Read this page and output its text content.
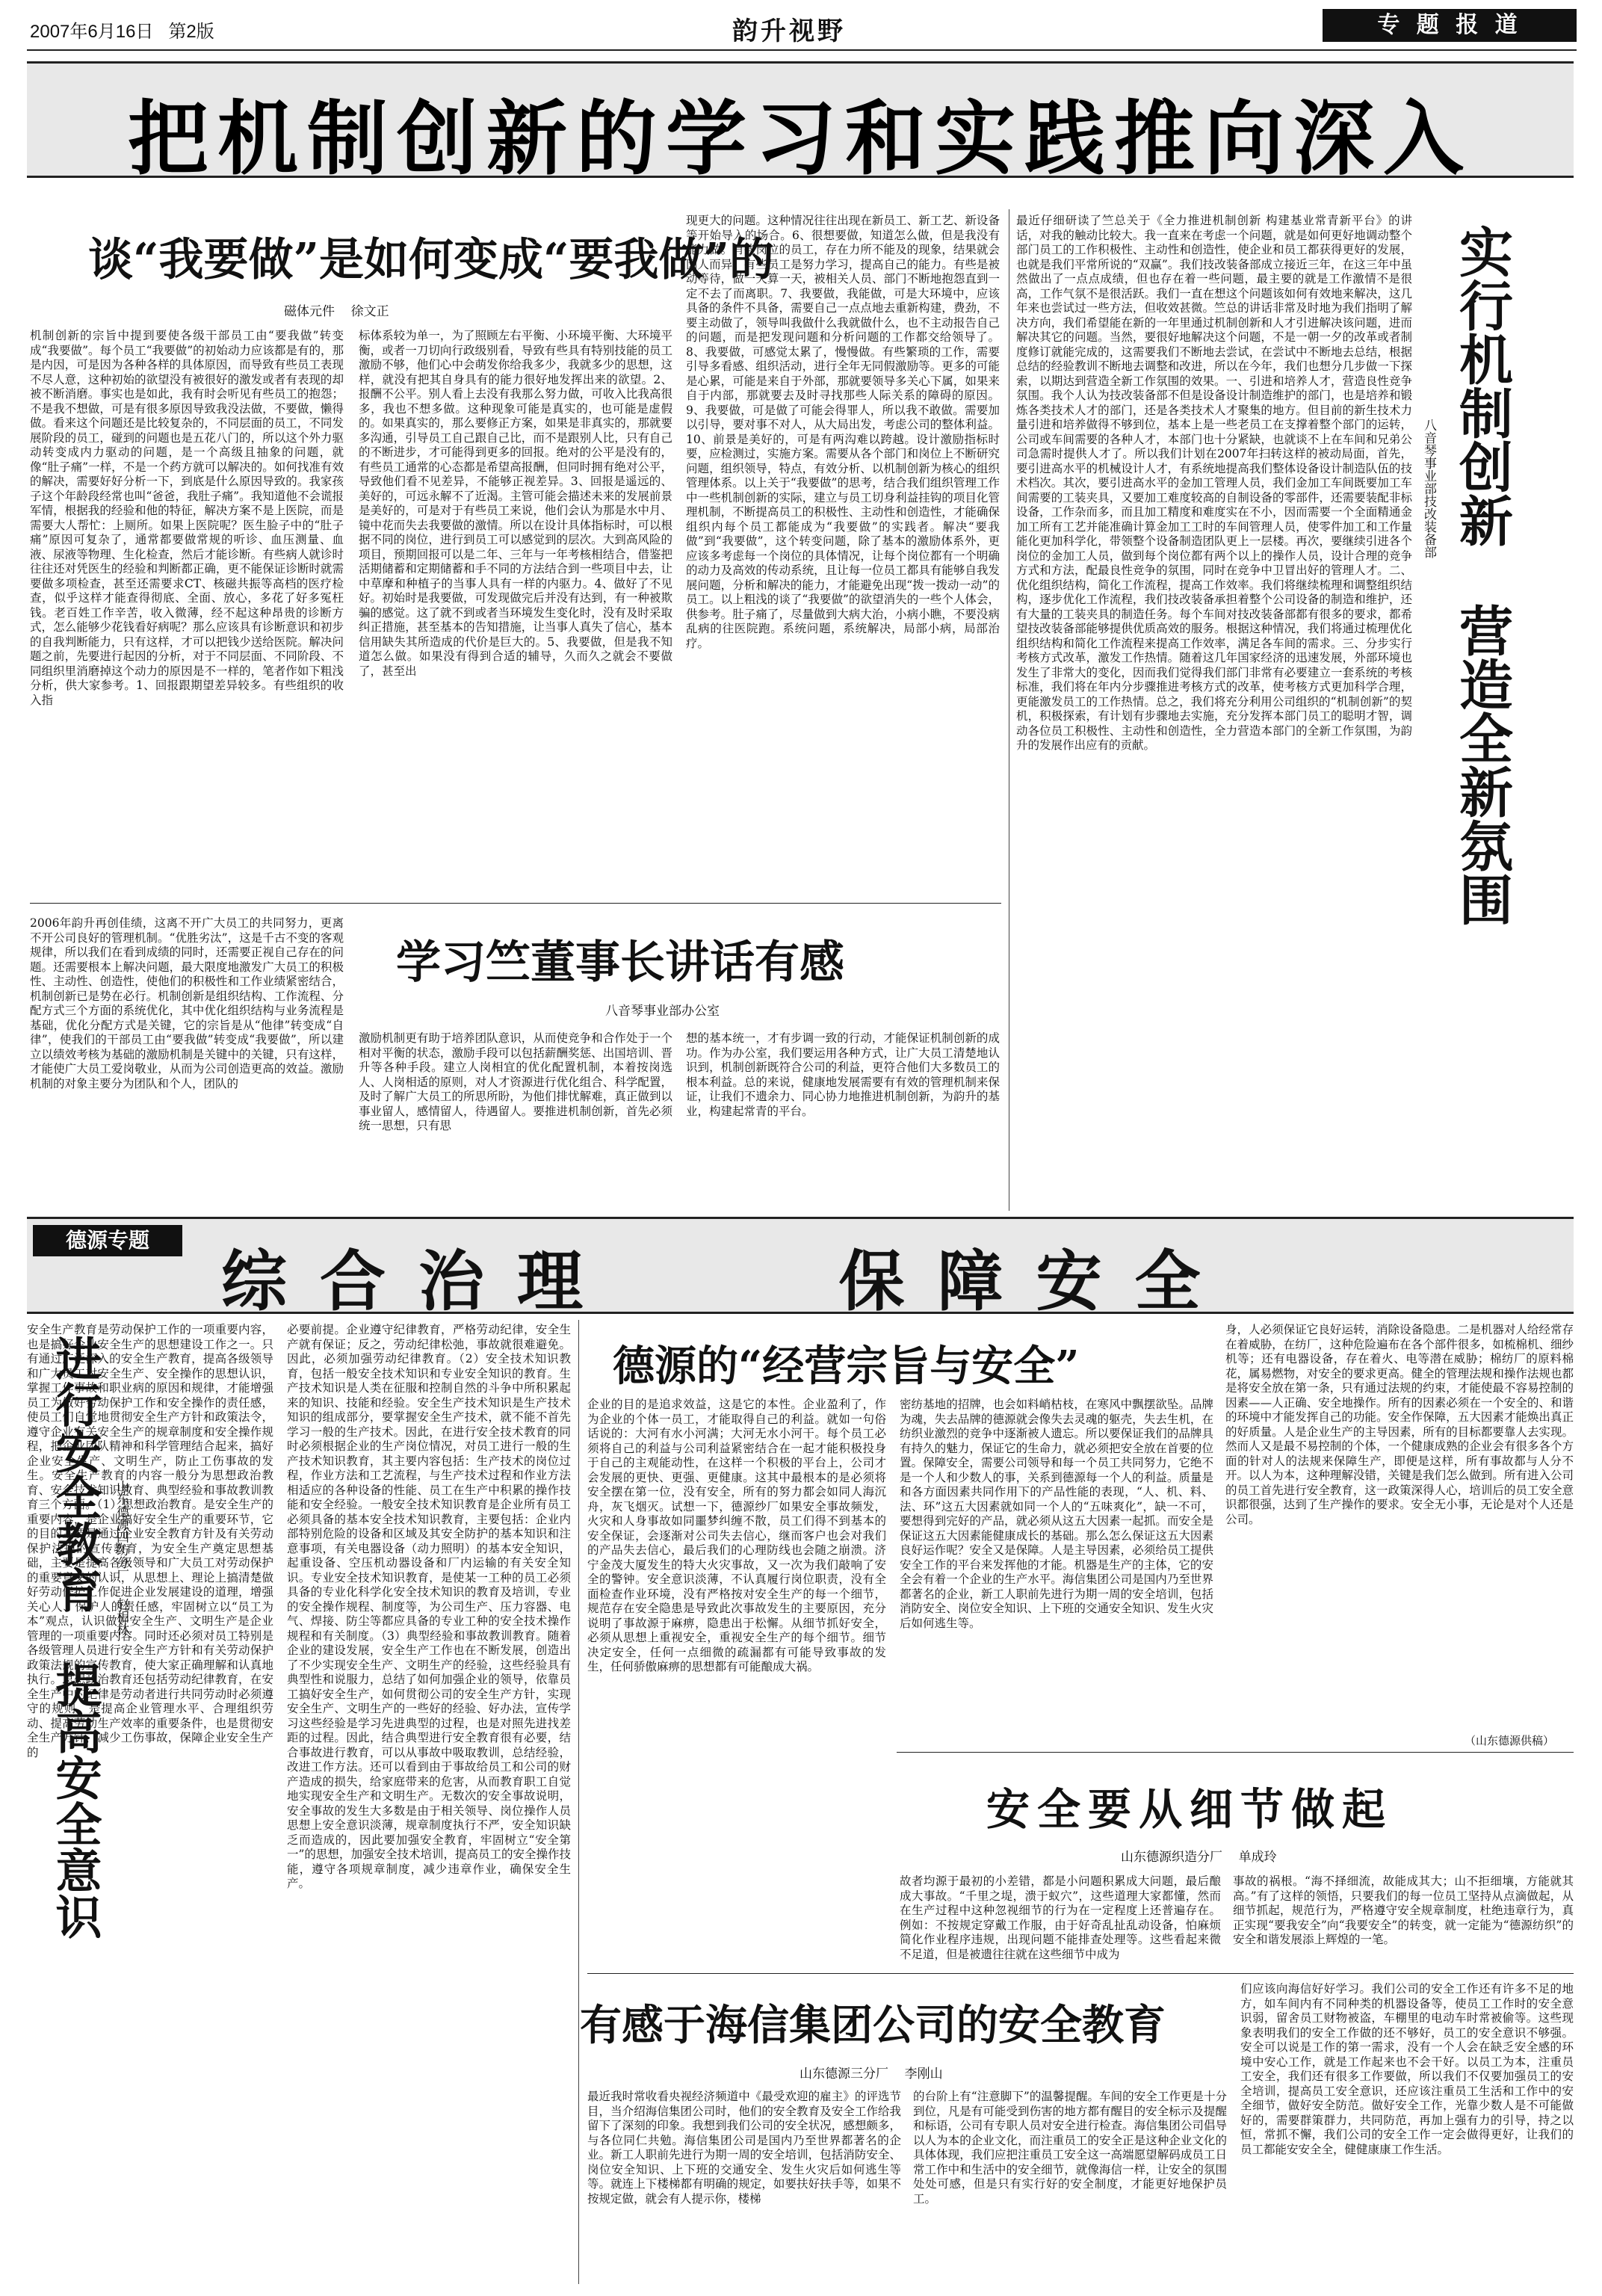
2007年6月16日   第2版	韵升视野	专 题 报 道
把机制创新的学习和实践推向深入
谈“我要做”是如何变成“要我做”的
磁体元件    徐文正
机制创新的宗旨中提到要使各级干部员工由“要我做”转变成“我要做”。每个员工“我要做”的初始动力应该都是有的，那是内因，可是因为各种各样的具体原因，而导致有些员工表现不尽人意，这种初始的欲望没有被很好的激发或者有表现的却被不断消磨。事实也是如此，我有时会听见有些员工的抱怨；不是我不想做，可是有很多原因导致我没法做，不要做，懒得做。看来这个问题还是比较复杂的，不同层面的员工，不同发展阶段的员工，碰到的问题也是五花八门的，所以这个外力驱动转变成内力驱动的问题，是一个高级且抽象的问题，就像“肚子痛”一样，不是一个药方就可以解决的。如何找准有效的解决，需要好好分析一下，到底是什么原因导致的。我家孩子这个年龄段经常也叫“爸爸，我肚子痛”。我知道他不会谎报军情，根据我的经验和他的特征，解决方案不是上医院，而是需要大人帮忙：上厕所。如果上医院呢？医生脸子中的“肚子痛”原因可复杂了，通常都要做常规的听诊、血压测量、血液、尿液等物理、生化检查，然后才能诊断。有些病人就诊时往往还对凭医生的经验和判断都正确，更不能保证诊断时就需要做多项检查，甚至还需要求CT、核磁共振等高档的医疗检查，似乎这样才能查得彻底、全面、放心，多花了好多冤枉钱。老百姓工作辛苦，收入微薄，经不起这种昂贵的诊断方式，怎么能够少花钱看好病呢？那么应该具有诊断意识和初步的自我判断能力，只有这样，才可以把钱少送给医院。解决问题之前，先要进行起因的分析，对于不同层面、不同阶段、不同组织里消磨掉这个动力的原因是不一样的，笔者作如下粗浅分析，供大家参考。1、回报跟期望差异较多。有些组织的收入指
标体系较为单一，为了照顾左右平衡、小环境平衡、大环境平衡，或者一刀切向行政级别看，导致有些具有特别技能的员工激励不够，他们心中会萌发你给我多少，我就多少的思想，这样，就没有把其自身具有的能力很好地发挥出来的欲望。2、报酬不公平。别人看上去没有我那么努力做，可收入比我高很多，我也不想多做。这种现象可能是真实的，也可能是虚假的。如果真实的，那么要修正方案，如果是非真实的，那就要多沟通，引导员工自己跟自己比，而不是跟别人比，只有自己的不断进步，才可能得到更多的回报。绝对的公平是没有的，有些员工通常的心态都是希望高报酬，但同时拥有绝对公平，导致他们看不见差异，不能够正视差异。3、回报是遥远的、美好的，可远永解不了近渴。主管可能会描述未来的发展前景是美好的，可是对于有些员工来说，他们会认为那是水中月、镜中花而失去我要做的激情。所以在设计具体指标时，可以根据不同的岗位，进行到员工可以感觉到的层次。大到高风险的项目，预期回报可以是二年、三年与一年考核相结合，借鉴把活期储蓄和定期储蓄和手不同的方法结合到一些项目中去，让中草摩和种植子的当事人具有一样的内驱力。4、做好了不见好。初始时是我要做，可发现做完后并没有达到，有一种被欺骗的感觉。这了就不到或者当环境发生变化时，没有及时采取纠正措施，甚至基本的告知措施，让当事人真失了信心，基本信用缺失其所造成的代价是巨大的。5、我要做，但是我不知道怎么做。如果没有得到合适的辅导，久而久之就会不要做了，甚至出
现更大的问题。这种情况往往出现在新员工、新工艺、新设备等开始导入的场合。6、很想要做，知道怎么做，但是我没有能力做。有些岗位的员工，存在力所不能及的现象，结果就会因人而异，有些员工是努力学习，提高自己的能力。有些是被动等待，做一天算一天，被相关人员、部门不断地抱怨直到一定不去了而离职。7、我要做，我能做，可是大环境中，应该具备的条件不具备，需要自己一点点地去重新构建，费劲，不要主动做了，领导叫我做什么我就做什么，也不主动报告自己的问题，而是把发现问题和分析问题的工作都交给领导了。8、我要做，可感觉太累了，慢慢做。有些繁琐的工作，需要引导多看感、组织活动，进行全年无同假激励等。更多的可能是心累，可能是来自于外部，那就要领导多关心下属，如果来自于内部，那就要去及时寻找那些人际关系的障碍的原因。9、我要做，可是做了可能会得罪人，所以我不敢做。需要加以引导，要对事不对人，从大局出发，考虑公司的整体利益。10、前景是美好的，可是有两沟难以跨越。设计激励指标时要，应检测过，实施方案。需要从各个部门和岗位上不断研究问题，组织领导，特点，有效分析、以机制创新为核心的组织管理体系。以上关于“我要做”的思考，结合我们组织管理工作中一些机制创新的实际，建立与员工切身利益挂钩的项目化管理机制，不断提高员工的积极性、主动性和创造性，才能确保组织内每个员工都能成为“我要做”的实践者。解决“要我做”到“我要做”，这个转变问题，除了基本的激励体系外，更应该多考虑每一个岗位的具体情况，让每个岗位都有一个明确的动力及高效的传动系统，且让每一位员工都具有能够自我发展问题，分析和解决的能力，才能避免出现“拨一拨动一动”的员工。以上粗浅的谈了“我要做”的欲望消失的一些个人体会，供参考。肚子痛了，尽量做到大病大治，小病小瞧，不要没病乱病的往医院跑。系统问题，系统解决，局部小病，局部治疗。	实行机制创新   营造全新氛围
八音琴事业部技改装备部
最近仔细研读了竺总关于《全力推进机制创新 构建基业常青新平台》的讲话，对我的触动比较大。我一直来在考虑一个问题，就是如何更好地调动整个部门员工的工作积极性、主动性和创造性，使企业和员工都获得更好的发展，也就是我们平常所说的“双赢”。我们技改装备部成立接近三年，在这三年中虽然做出了一点点成绩，但也存在着一些问题，最主要的就是工作激情不是很高，工作气氛不是很活跃。我们一直在想这个问题该如何有效地来解决，这几年来也尝试过一些方法，但收效甚微。竺总的讲话非常及时地为我们指明了解决方向，我们希望能在新的一年里通过机制创新和人才引进解决该问题，进而解决其它的问题。当然，要很好地解决这个问题，不是一朝一夕的改革或者制度修订就能完成的，这需要我们不断地去尝试，在尝试中不断地去总结，根据总结的经验教训不断地去调整和改进，所以在今年，我们也想分几步做一下探索，以期达到营造全新工作氛围的效果。一、引进和培养人才，营造良性竞争氛围。我个人认为技改装备部不但是设备设计制造维护的部门，也是培养和锻炼各类技术人才的部门，还是各类技术人才聚集的地方。但目前的新生技术力量引进和培养做得不够到位，基本上是一些老员工在支撑着整个部门的运转，公司或车间需要的各种人才，本部门也十分紧缺，也就谈不上在车间和兄弟公司急需时提供人才了。所以我们计划在2007年扫转这样的被动局面，首先，要引进高水平的机械设计人才，有系统地提高我们整体设备设计制造队伍的技术档次。其次，要引进高水平的金加工管理人员，我们金加工车间既要加工车间需要的工装夹具，又要加工难度较高的自制设备的零部件，还需要装配非标设备，工作杂而多，而且加工精度和难度实在不小，因而需要一个全面精通金加工所有工艺并能准确计算金加工工时的车间管理人员，使零件加工和工作量能化更加科学化，带领整个设备制造团队更上一层楼。再次，要继续引进各个岗位的金加工人员，做到每个岗位都有两个以上的操作人员，设计合理的竞争方式和方法，配最良性竞争的氛围，同时在竞争中卫冒出好的管理人才。二、优化组织结构，简化工作流程，提高工作效率。我们将继续梳理和调整组织结构，逐步优化工作流程，我们技改装备承担着整个公司设备的制造和维护，还有大量的工装夹具的制造任务。每个车间对技改装备部都有很多的要求，都希望技改装备部能够提供优质高效的服务。根据这种情况，我们将通过梳理优化组织结构和简化工作流程来提高工作效率，满足各车间的需求。三、分步实行考核方式改革，激发工作热情。随着这几年国家经济的迅速发展，外部环境也发生了非常大的变化，因而我们觉得我们部门非常有必要建立一套系统的考核标准，我们将在年内分步骤推进考核方式的改革，使考核方式更加科学合理，更能激发员工的工作热情。总之，我们将充分利用公司组织的“机制创新”的契机，积极探索，有计划有步骤地去实施，充分发挥本部门员工的聪明才智，调动各位员工积极性、主动性和创造性，全力营造本部门的全新工作氛围，为韵升的发展作出应有的贡献。
学习竺董事长讲话有感
八音琴事业部办公室
2006年韵升再创佳绩，这离不开广大员工的共同努力，更离不开公司良好的管理机制。“优胜劣汰”，这是千古不变的客观规律，所以我们在看到成绩的同时，还需要正视自己存在的问题。还需要根本上解决问题，最大限度地激发广大员工的积极性、主动性、创造性，使他们的积极性和工作业绩紧密结合，机制创新已是势在必行。机制创新是组织结构、工作流程、分配方式三个方面的系统优化，其中优化组织结构与业务流程是基础，优化分配方式是关键，它的宗旨是从“他律”转变成“自律”，使我们的干部员工由“要我做”转变成“我要做”，所以建立以绩效考核为基础的激励机制是关键中的关键，只有这样，才能使广大员工爱岗敬业，从而为公司创造更高的效益。激励机制的对象主要分为团队和个人，团队的
激励机制更有助于培养团队意识，从而使竞争和合作处于一个相对平衡的状态，激励手段可以包括薪酬奖惩、出国培训、晋升等各种手段。建立人岗相宜的优化配置机制，本着按岗选人、人岗相适的原则，对人才资源进行优化组合、科学配置，及时了解广大员工的所思所盼，为他们排忧解难，真正做到以事业留人，感情留人，待遇留人。要推进机制创新，首先必须统一思想，只有思
想的基本统一，才有步调一致的行动，才能保证机制创新的成功。作为办公室，我们要运用各种方式，让广大员工清楚地认识到，机制创新既符合公司的利益，更符合他们大多数员工的根本利益。总的来说，健康地发展需要有有效的管理机制来保证，让我们不遗余力、同心协力地推进机制创新，为韵升的基业，构建起常青的平台。
德源专题
综合治理    保障安全
进行安全教育   提高安全意识 山东德源四纺分厂    赵相林
安全生产教育是劳动保护工作的一项重要内容，也是搞好企业安全生产的思想建设工作之一。只有通过广泛深入的安全生产教育，提高各级领导和广大员工对安全生产、安全操作的思想认识，掌握工作事故和职业病的原因和规律，才能增强员工为做好劳动保护工作和安全操作的责任感，使员工们自觉地贯彻安全生产方针和政策法令，遵守企业有关安全生产的规章制度和安全操作规程，把企业团队精神和科学管理结合起来，搞好企业安全生产、文明生产，防止工伤事故的发生。安全生产教育的内容一般分为思想政治教育、安全技术知识教育、典型经验和事故教训教育三个方面。（1）思想政治教育。是安全生产的重要内容，是企业搞好安全生产的重要环节，它的目的主要是通过企业安全教育方针及有关劳动保护法规的宣传教育，为安全生产奠定思想基础，主要是提高各级领导和广大员工对劳动保护的重要意义的认识，从思想上、理论上搞清楚做好劳动保护工作促进企业发展建设的道理，增强关心人、保护人的责任感，牢固树立以“员工为本”观点，认识做好安全生产、文明生产是企业管理的一项重要内容。同时还必须对员工特别是各级管理人员进行安全生产方针和有关劳动保护政策法规的宣传教育，使大家正确理解和认真地执行。思想政治教育还包括劳动纪律教育，在安全生产中的纪律是劳动者进行共同劳动时必须遵守的规则，是提高企业管理水平、合理组织劳动、提高劳动生产效率的重要条件，也是贯彻安全生产方针，减少工伤事故，保障企业安全生产的
必要前提。企业遵守纪律教育，严格劳动纪律，安全生产就有保证；反之，劳动纪律松弛，事故就很难避免。因此，必须加强劳动纪律教育。（2）安全技术知识教育，包括一般安全技术知识和专业安全知识的教育。生产技术知识是人类在征服和控制自然的斗争中所积累起来的知识、技能和经验。安全生产技术知识是生产技术知识的组成部分，要掌握安全生产技术，就不能不首先学习一般的生产技术。因此，在进行安全技术教育的同时必须根据企业的生产岗位情况，对员工进行一般的生产技术知识教育，其主要内容包括：生产技术的岗位过程，作业方法和工艺流程，与生产技术过程和作业方法相适应的各种设备的性能、员工在生产中积累的操作技能和安全经验。一般安全技术知识教育是企业所有员工必须具备的基本安全技术知识教育，主要包括：企业内部特别危险的设备和区域及其安全防护的基本知识和注意事项，有关电器设备（动力照明）的基本安全知识，起重设备、空压机动器设备和厂内运输的有关安全知识。专业安全技术知识教育，是使某一工种的员工必须具备的专业化科学化安全技术知识的教育及培训，专业的安全操作规程、制度等，为公司生产、压力容器、电气、焊接、防尘等都应具备的专业工种的安全技术操作规程和有关制度。（3）典型经验和事故教训教育。随着企业的建设发展，安全生产工作也在不断发展，创造出了不少实现安全生产、文明生产的经验，这些经验具有典型性和说服力，总结了如何加强企业的领导，依靠员工搞好安全生产，如何贯彻公司的安全生产方针，实现安全生产、文明生产的一些好的经验、好办法，宣传学习这些经验是学习先进典型的过程，也是对照先进找差距的过程。因此，结合典型进行安全教育很有必要，结合事故进行教育，可以从事故中吸取教训，总结经验，改进工作方法。还可以看到由于事故给员工和公司的财产造成的损失，给家庭带来的危害，从而教育职工自觉地实现安全生产和文明生产。无数次的安全事故说明，安全事故的发生大多数是由于相关领导、岗位操作人员思想上安全意识淡薄，规章制度执行不严，安全知识缺乏而造成的，因此要加强安全教育，牢固树立“安全第一”的思想，加强安全技术培训，提高员工的安全操作技能，遵守各项规章制度，减少违章作业，确保安全生产。
德源的“经营宗旨与安全”
企业的目的是追求效益，这是它的本性。企业盈利了，作为企业的个体一员工，才能取得自己的利益。就如一句俗话说的：大河有水小河满；大河无水小河干。每个员工必须将自己的利益与公司利益紧密结合在一起才能积极投身于自己的主观能动性，在这样一个积极的平台上，公司才会发展的更快、更强、更健康。这其中最根本的是必须将安全摆在第一位，没有安全，所有的努力都会如同人海沉舟，灰飞烟灭。试想一下，德源纱厂如果安全事故频发，火灾和人身事故如同噩梦纠缠不散，员工们得不到基本的安全保证，会逐渐对公司失去信心，继而客户也会对我们的产品失去信心，最后我们的心理防线也会随之崩溃。济宁金茂大厦发生的特大火灾事故，又一次为我们敲响了安全的警钟。安全意识淡薄，不认真履行岗位职责，没有全面检查作业环境，没有严格按对安全生产的每一个细节，规范存在安全隐患是导致此次事故发生的主要原因，充分说明了事故源于麻痹，隐患出于松懈。从细节抓好安全，必须从思想上重视安全，重视安全生产的每个细节。细节决定安全，任何一点细微的疏漏都有可能导致事故的发生，任何骄傲麻痹的思想都有可能酿成大祸。
密纺基地的招牌，也会如料峭枯枝，在寒风中飘摆欲坠。品牌为魂，失去品牌的德源就会像失去灵魂的躯壳，失去生机，在纺织业激烈的竞争中逐渐被人遗忘。所以要保证我们的品牌具有持久的魅力，保证它的生命力，就必须把安全放在首要的位置。保障安全，需要公司领导和每一个员工共同努力，它绝不是一个人和少数人的事，关系到德源每一个人的利益。质量是和各方面因素共同作用下的产品性能的表现，“人、机、料、法、环”这五大因素就如同一个人的“五味爽化”，缺一不可，要想得到完好的产品，就必须从这五大因素一起抓。而安全是保证这五大因素能健康成长的基础。那么怎么保证这五大因素良好运作呢？安全又是保障。人是主导因素，必须给员工提供安全工作的平台来发挥他的才能。机器是生产的主体，它的安全会有着一个企业的生产水平。海信集团公司是国内乃至世界都著名的企业，新工人职前先进行为期一周的安全培训，包括消防安全、岗位安全知识、上下班的交通安全知识、发生火灾后如何逃生等。
身，人必须保证它良好运转，消除设备隐患。二是机器对人给经常存在着威胁，在纺厂，这种危险遍布在各个部件很多，如梳棉机、细纱机等；还有电器设备，存在着火、电等潜在威胁；棉纺厂的原料棉花，属易燃物，对安全的要求更高。健全的管理法规和操作法规也都是将安全放在第一条，只有通过法规的约束，才能使最不容易控制的因素——人正确、安全地操作。所有的因素必须在一个安全的、和谐的环境中才能发挥自己的功能。安全作保障，五大因素才能焕出真正的好质量。人是企业生产的主导因素，所有的目标都要靠人去实现。然而人又是最不易控制的个体，一个健康成熟的企业会有很多各个方面的针对人的法规来保障生产，即便是这样，所有事故都与人分不开。以人为本，这种理解没错，关键是我们怎么做到。所有进入公司的员工首先进行安全教育，这一政策深得人心，培训后的员工安全意识都很强，达到了生产操作的要求。安全无小事，无论是对个人还是公司。
（山东德源供稿）
安全要从细节做起
山东德源织造分厂    单成玲
故者均源于最初的小差错，都是小问题积累成大问题，最后酿成大事故。“千里之堤，溃于蚁穴”，这些道理大家都懂，然而在生产过程中这种忽视细节的行为在一定程度上还普遍存在。例如：不按规定穿戴工作服，由于好奇乱扯乱动设备，怕麻烦简化作业程序违规，出现问题不能排查处理等。这些看起来微不足道，但是被遗往往就在这些细节中成为
事故的祸根。“海不择细流，故能成其大；山不拒细壤，方能就其高。”有了这样的领悟，只要我们的每一位员工坚持从点滴做起，从细节抓起，规范行为，严格遵守安全规章制度，杜绝违章行为，真正实现“要我安全”向“我要安全”的转变，就一定能为“德源纺织”的安全和谐发展添上辉煌的一笔。
有感于海信集团公司的安全教育
山东德源三分厂    李刚山
最近我时常收看央视经济频道中《最受欢迎的雇主》的评选节目，当介绍海信集团公司时，他们的安全教育及安全工作给我留下了深刻的印象。我想到我们公司的安全状况，感想颇多，与各位同仁共勉。海信集团公司是国内乃至世界都著名的企业。新工人职前先进行为期一周的安全培训，包括消防安全、岗位安全知识、上下班的交通安全、发生火灾后如何逃生等等。就连上下楼梯都有明确的规定，如要扶好扶手等，如果不按规定做，就会有人提示你，楼梯
的台阶上有“注意脚下”的温馨提醒。车间的安全工作更是十分到位，凡是有可能受到伤害的地方都有醒目的安全标示及提醒和标语，公司有专职人员对安全进行检查。海信集团公司倡导以人为本的企业文化，而注重员工的安全正是这种企业文化的具体体现，我们应把注重员工安全这一高端愿望解码成员工日常工作中和生活中的安全细节，就像海信一样，让安全的氛围处处可感，但是只有实行好的安全制度，才能更好地保护员工。
们应该向海信好好学习。我们公司的安全工作还有许多不足的地方，如车间内有不同种类的机器设备等，使员工工作时的安全意识弱，留舍员工财物被盗，车棚里的电动车时常被偷等。这些现象表明我们的安全工作做的还不够好，员工的安全意识不够强。安全可以说是工作的第一需求，没有一个人会在缺乏安全感的环境中安心工作，就是工作起来也不会干好。以员工为本，注重员工安全，我们还有很多工作要做，所以我们不仅要加强员工的安全培训，提高员工安全意识，还应该注重员工生活和工作中的安全细节，做好安全防范。做好安全工作，光靠少数人是不可能做好的，需要群策群力，共同防范，再加上强有力的引导，持之以恒，常抓不懈，我们公司的安全工作一定会做得更好，让我们的员工都能安安全全，健健康康工作生活。
